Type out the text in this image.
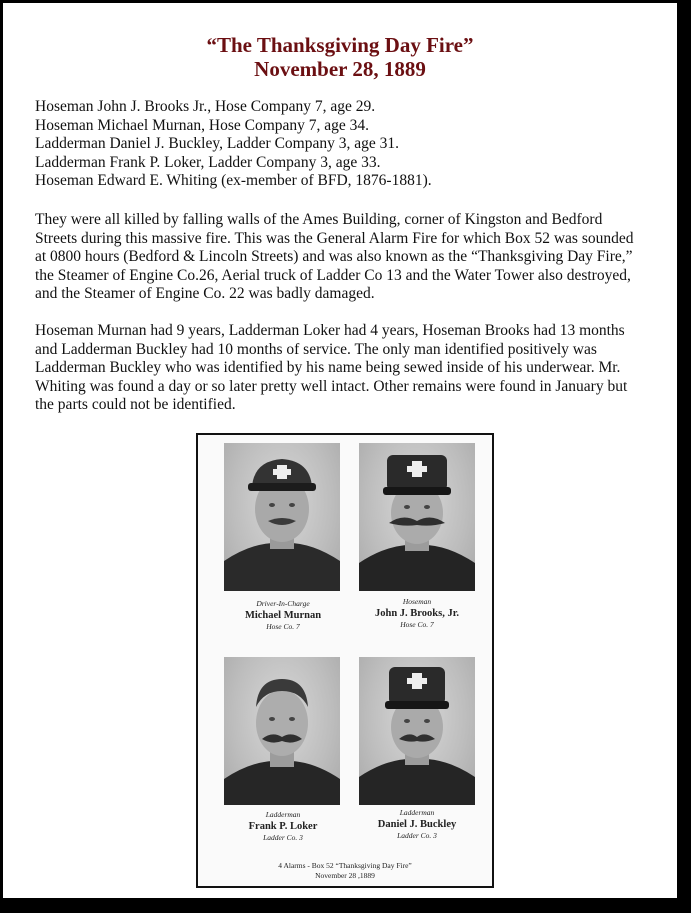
“The Thanksgiving Day Fire”
November 28, 1889
Hoseman John J. Brooks Jr., Hose Company 7, age 29.
Hoseman Michael Murnan, Hose Company 7, age 34.
Ladderman Daniel J. Buckley, Ladder Company 3, age 31.
Ladderman Frank P. Loker, Ladder Company 3, age 33.
Hoseman Edward E. Whiting (ex-member of BFD, 1876-1881).
They were all killed by falling walls of the Ames Building, corner of Kingston and Bedford
Streets during this massive fire. This was the General Alarm Fire for which Box 52 was sounded
at 0800 hours (Bedford & Lincoln Streets) and was also known as the “Thanksgiving Day Fire,”
the Steamer of Engine Co.26, Aerial truck of Ladder Co 13 and the Water Tower also destroyed,
and the Steamer of Engine Co. 22 was badly damaged.
Hoseman Murnan had 9 years, Ladderman Loker had 4 years, Hoseman Brooks had 13 months
and Ladderman Buckley had 10 months of service. The only man identified positively was
Ladderman Buckley who was identified by his name being sewed inside of his underwear. Mr.
Whiting was found a day or so later pretty well intact. Other remains were found in January but
the parts could not be identified.
Driver-In-Charge
Michael Murnan
Hose Co. 7
Hoseman
John J. Brooks, Jr.
Hose Co. 7
Ladderman
Frank P. Loker
Ladder Co. 3
Ladderman
Daniel J. Buckley
Ladder Co. 3
4 Alarms - Box 52 “Thanksgiving Day Fire”
November 28 ,1889
